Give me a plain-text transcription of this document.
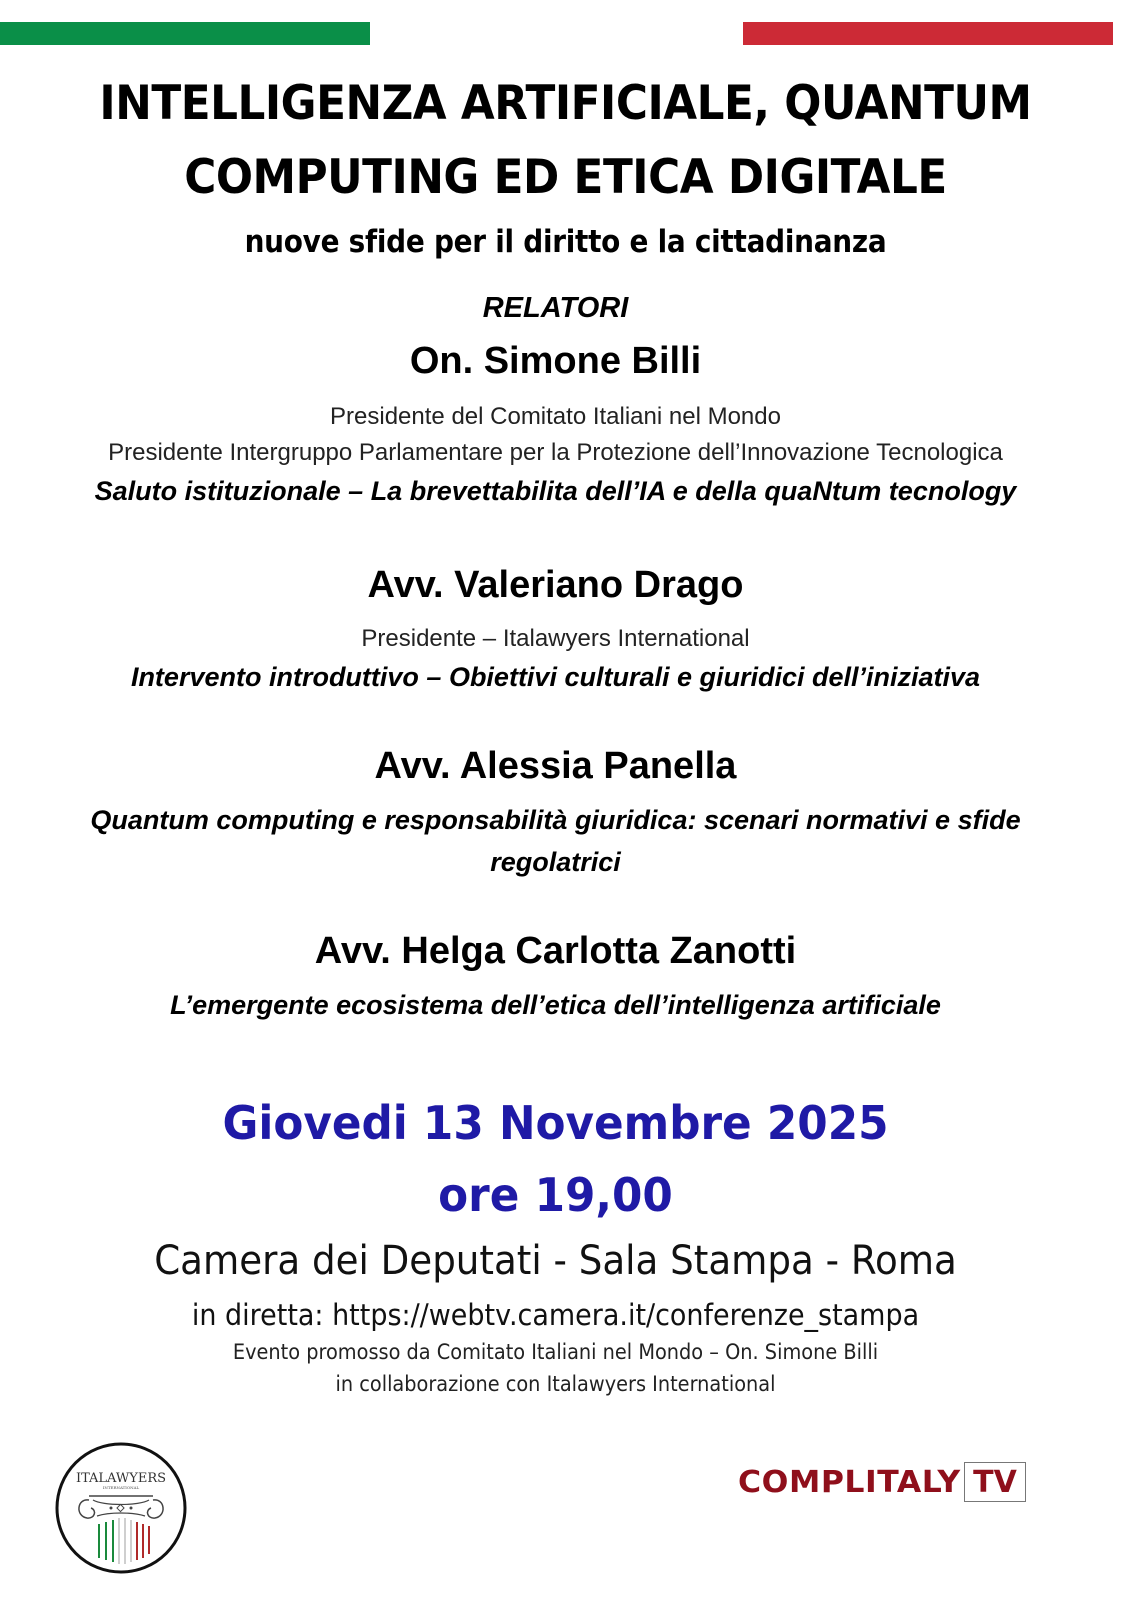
INTELLIGENZA ARTIFICIALE, QUANTUM
COMPUTING ED ETICA DIGITALE
nuove sfide per il diritto e la cittadinanza
RELATORI
On. Simone Billi
Presidente del Comitato Italiani nel Mondo
Presidente Intergruppo Parlamentare per la Protezione dell’Innovazione Tecnologica
Saluto istituzionale – La brevettabilita dell’IA e della quaNtum tecnology
Avv. Valeriano Drago
Presidente – Italawyers International
Intervento introduttivo – Obiettivi culturali e giuridici dell’iniziativa
Avv. Alessia Panella
Quantum computing e responsabilità giuridica: scenari normativi e sfide
regolatrici
Avv. Helga Carlotta Zanotti
L’emergente ecosistema dell’etica dell’intelligenza artificiale
Giovedi 13 Novembre 2025
ore 19,00
Camera dei Deputati - Sala Stampa - Roma
in diretta: https://webtv.camera.it/conferenze_stampa
Evento promosso da Comitato Italiani nel Mondo – On. Simone Billi
in collaborazione con Italawyers International
ITALAWYERS
INTERNATIONAL	COMPLITALY TV
